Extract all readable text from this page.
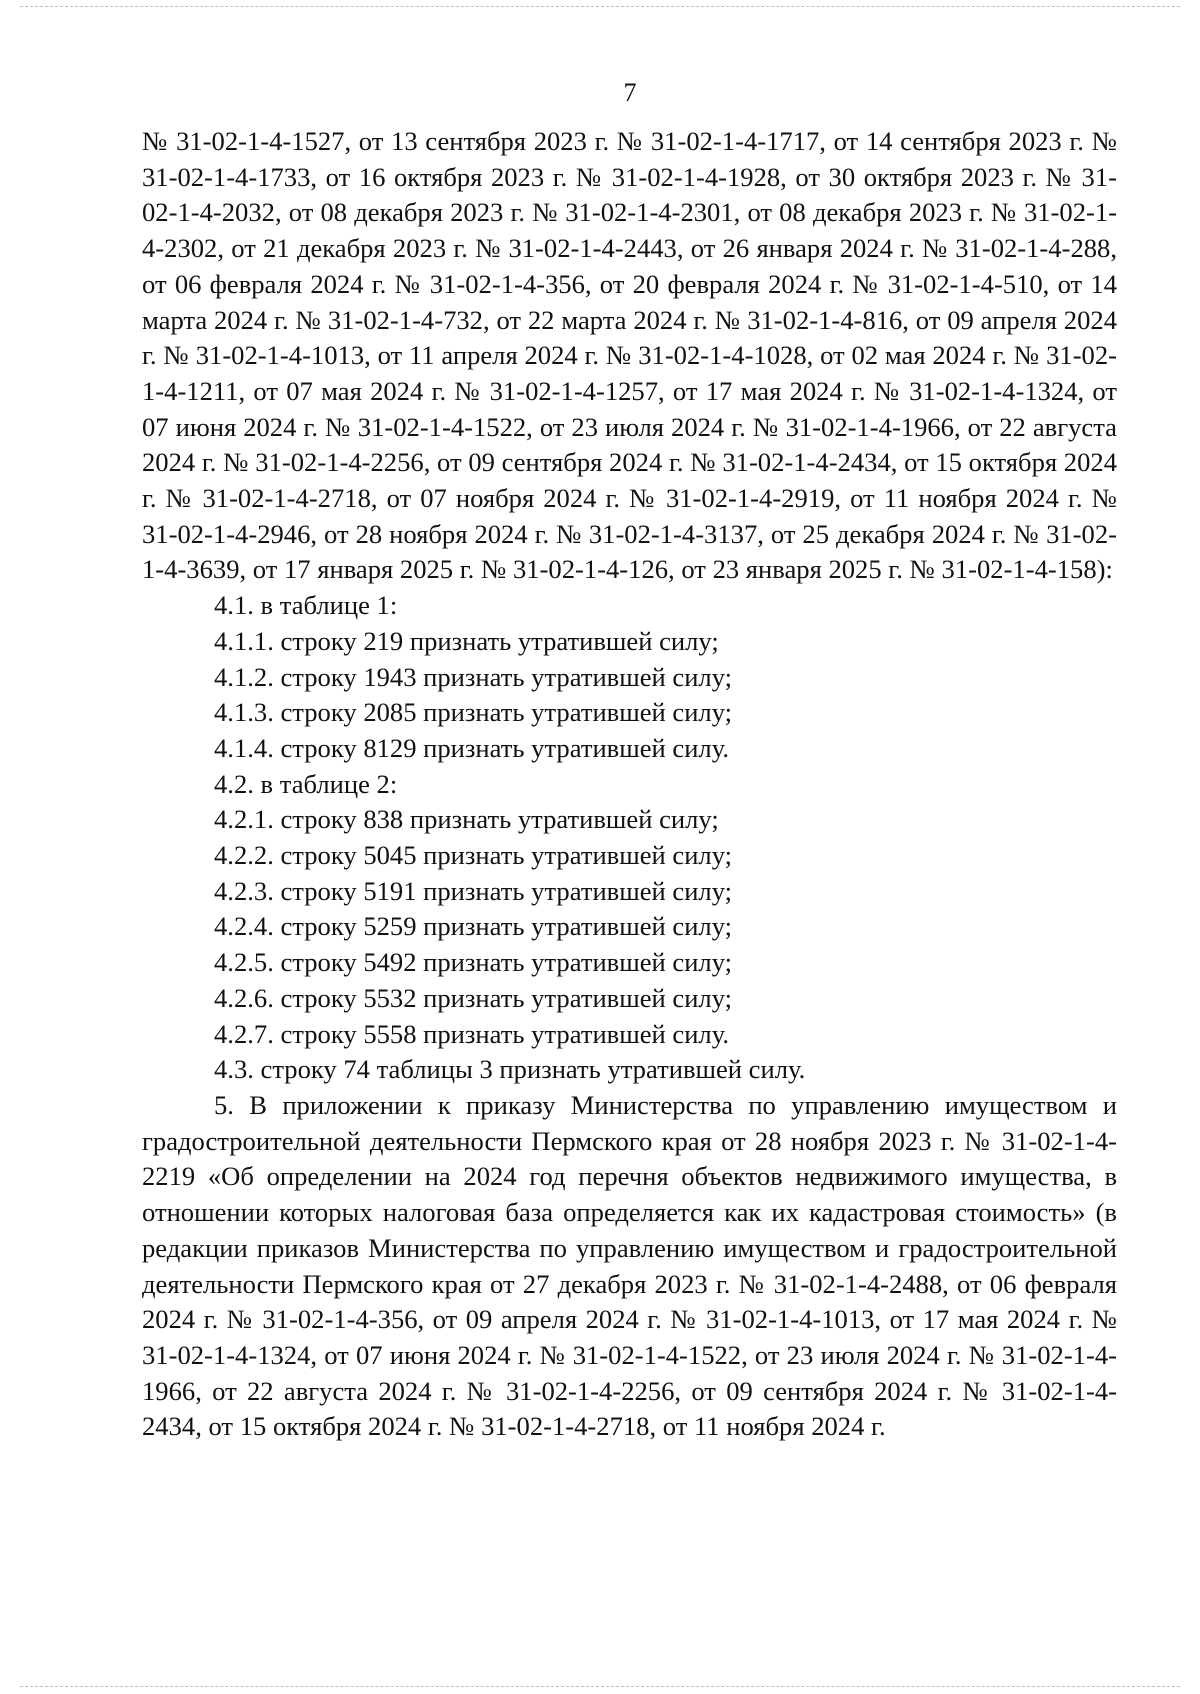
7

№ 31-02-1-4-1527, от 13 сентября 2023 г. № 31-02-1-4-1717, от 14 сентября 2023 г. № 31-02-1-4-1733, от 16 октября 2023 г. № 31-02-1-4-1928, от 30 октября 2023 г. № 31-02-1-4-2032, от 08 декабря 2023 г. № 31-02-1-4-2301, от 08 декабря 2023 г. № 31-02-1-4-2302, от 21 декабря 2023 г. № 31-02-1-4-2443, от 26 января 2024 г. № 31-02-1-4-288, от 06 февраля 2024 г. № 31-02-1-4-356, от 20 февраля 2024 г. № 31-02-1-4-510, от 14 марта 2024 г. № 31-02-1-4-732, от 22 марта 2024 г. № 31-02-1-4-816, от 09 апреля 2024 г. № 31-02-1-4-1013, от 11 апреля 2024 г. № 31-02-1-4-1028, от 02 мая 2024 г. № 31-02-1-4-1211, от 07 мая 2024 г. № 31-02-1-4-1257, от 17 мая 2024 г. № 31-02-1-4-1324, от 07 июня 2024 г. № 31-02-1-4-1522, от 23 июля 2024 г. № 31-02-1-4-1966, от 22 августа 2024 г. № 31-02-1-4-2256, от 09 сентября 2024 г. № 31-02-1-4-2434, от 15 октября 2024 г. № 31-02-1-4-2718, от 07 ноября 2024 г. № 31-02-1-4-2919, от 11 ноября 2024 г. № 31-02-1-4-2946, от 28 ноября 2024 г. № 31-02-1-4-3137, от 25 декабря 2024 г. № 31-02-1-4-3639, от 17 января 2025 г. № 31-02-1-4-126, от 23 января 2025 г. № 31-02-1-4-158):

4.1. в таблице 1:
4.1.1. строку 219 признать утратившей силу;
4.1.2. строку 1943 признать утратившей силу;
4.1.3. строку 2085 признать утратившей силу;
4.1.4. строку 8129 признать утратившей силу.
4.2. в таблице 2:
4.2.1. строку 838 признать утратившей силу;
4.2.2. строку 5045 признать утратившей силу;
4.2.3. строку 5191 признать утратившей силу;
4.2.4. строку 5259 признать утратившей силу;
4.2.5. строку 5492 признать утратившей силу;
4.2.6. строку 5532 признать утратившей силу;
4.2.7. строку 5558 признать утратившей силу.
4.3. строку 74 таблицы 3 признать утратившей силу.

5. В приложении к приказу Министерства по управлению имуществом и градостроительной деятельности Пермского края от 28 ноября 2023 г. № 31-02-1-4-2219 «Об определении на 2024 год перечня объектов недвижимого имущества, в отношении которых налоговая база определяется как их кадастровая стоимость» (в редакции приказов Министерства по управлению имуществом и градостроительной деятельности Пермского края от 27 декабря 2023 г. № 31-02-1-4-2488, от 06 февраля 2024 г. № 31-02-1-4-356, от 09 апреля 2024 г. № 31-02-1-4-1013, от 17 мая 2024 г. № 31-02-1-4-1324, от 07 июня 2024 г. № 31-02-1-4-1522, от 23 июля 2024 г. № 31-02-1-4-1966, от 22 августа 2024 г. № 31-02-1-4-2256, от 09 сентября 2024 г. № 31-02-1-4-2434, от 15 октября 2024 г. № 31-02-1-4-2718, от 11 ноября 2024 г.
